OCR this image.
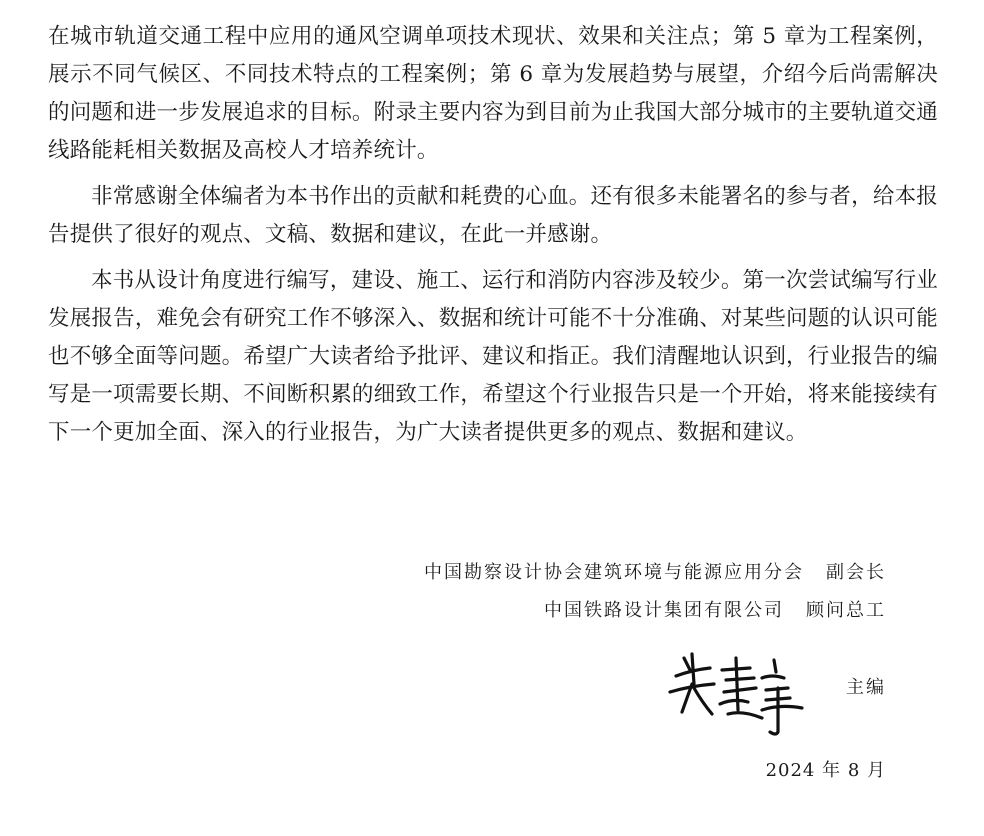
在城市轨道交通工程中应用的通风空调单项技术现状、效果和关注点；第 5 章为工程案例，展示不同气候区、不同技术特点的工程案例；第 6 章为发展趋势与展望，介绍今后尚需解决的问题和进一步发展追求的目标。附录主要内容为到目前为止我国大部分城市的主要轨道交通线路能耗相关数据及高校人才培养统计。

非常感谢全体编者为本书作出的贡献和耗费的心血。还有很多未能署名的参与者，给本报告提供了很好的观点、文稿、数据和建议，在此一并感谢。

本书从设计角度进行编写，建设、施工、运行和消防内容涉及较少。第一次尝试编写行业发展报告，难免会有研究工作不够深入、数据和统计可能不十分准确、对某些问题的认识可能也不够全面等问题。希望广大读者给予批评、建议和指正。我们清醒地认识到，行业报告的编写是一项需要长期、不间断积累的细致工作，希望这个行业报告只是一个开始，将来能接续有下一个更加全面、深入的行业报告，为广大读者提供更多的观点、数据和建议。

中国勘察设计协会建筑环境与能源应用分会 副会长
中国铁路设计集团有限公司 顾问总工
主编
2024 年 8 月
